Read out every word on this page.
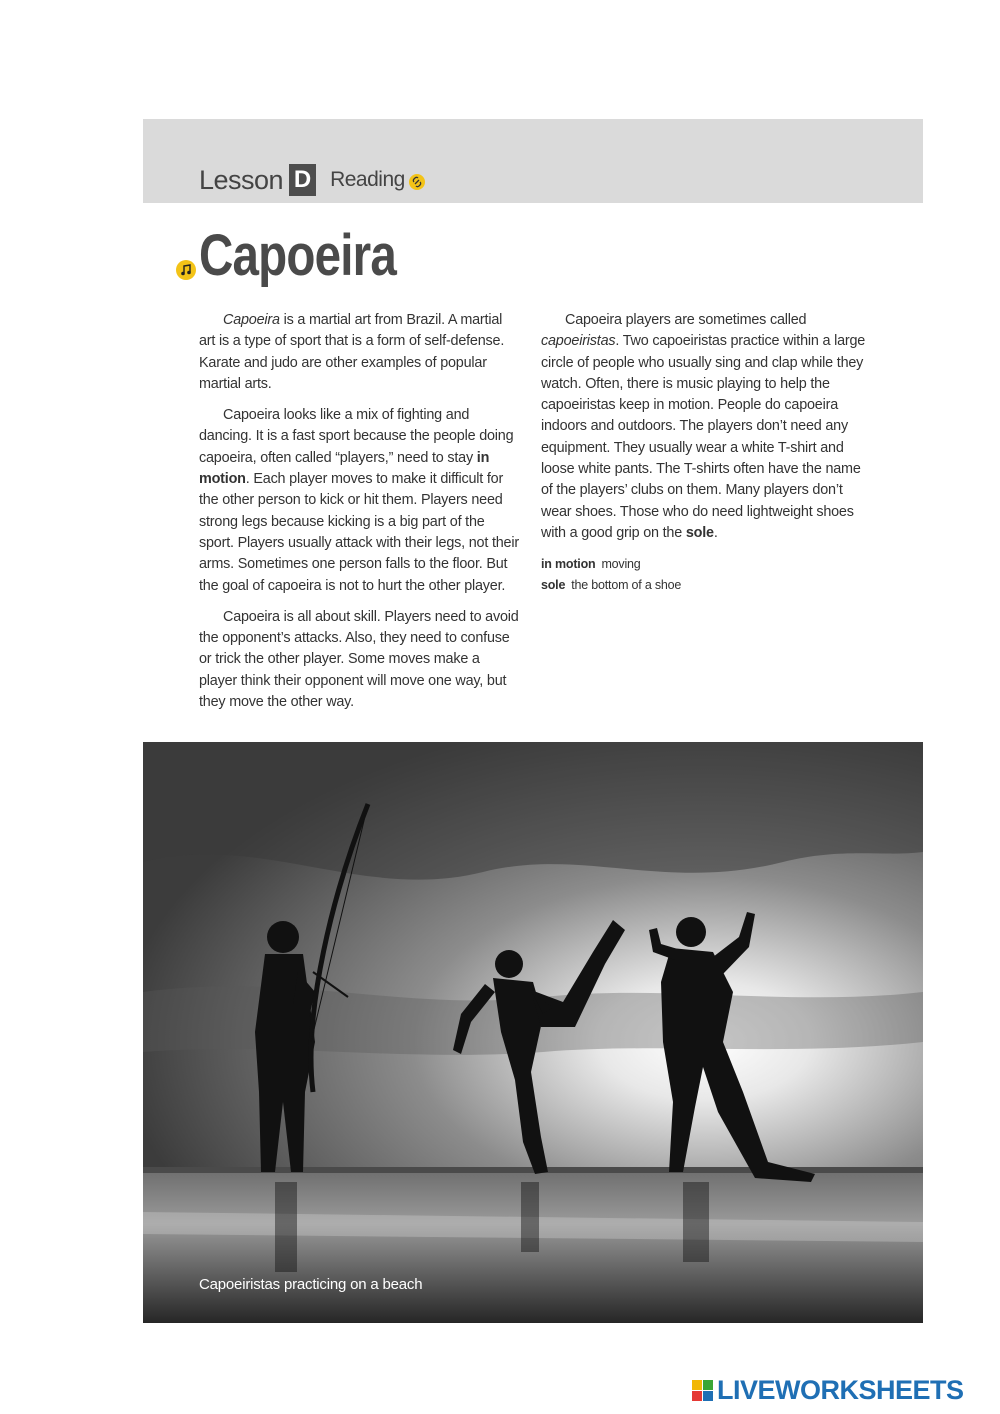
Lesson D Reading
Capoeira

Capoeira is a martial art from Brazil. A martial art is a type of sport that is a form of self-defense. Karate and judo are other examples of popular martial arts.

Capoeira looks like a mix of fighting and dancing. It is a fast sport because the people doing capoeira, often called “players,” need to stay in motion. Each player moves to make it difficult for the other person to kick or hit them. Players need strong legs because kicking is a big part of the sport. Players usually attack with their legs, not their arms. Sometimes one person falls to the floor. But the goal of capoeira is not to hurt the other player.

Capoeira is all about skill. Players need to avoid the opponent’s attacks. Also, they need to confuse or trick the other player. Some moves make a player think their opponent will move one way, but they move the other way.

Capoeira players are sometimes called capoeiristas. Two capoeiristas practice within a large circle of people who usually sing and clap while they watch. Often, there is music playing to help the capoeiristas keep in motion. People do capoeira indoors and outdoors. The players don’t need any equipment. They usually wear a white T-shirt and loose white pants. The T-shirts often have the name of the players’ clubs on them. Many players don’t wear shoes. Those who do need lightweight shoes with a good grip on the sole.

in motion moving
sole the bottom of a shoe
Capoeiristas practicing on a beach
LIVEWORKSHEETS
